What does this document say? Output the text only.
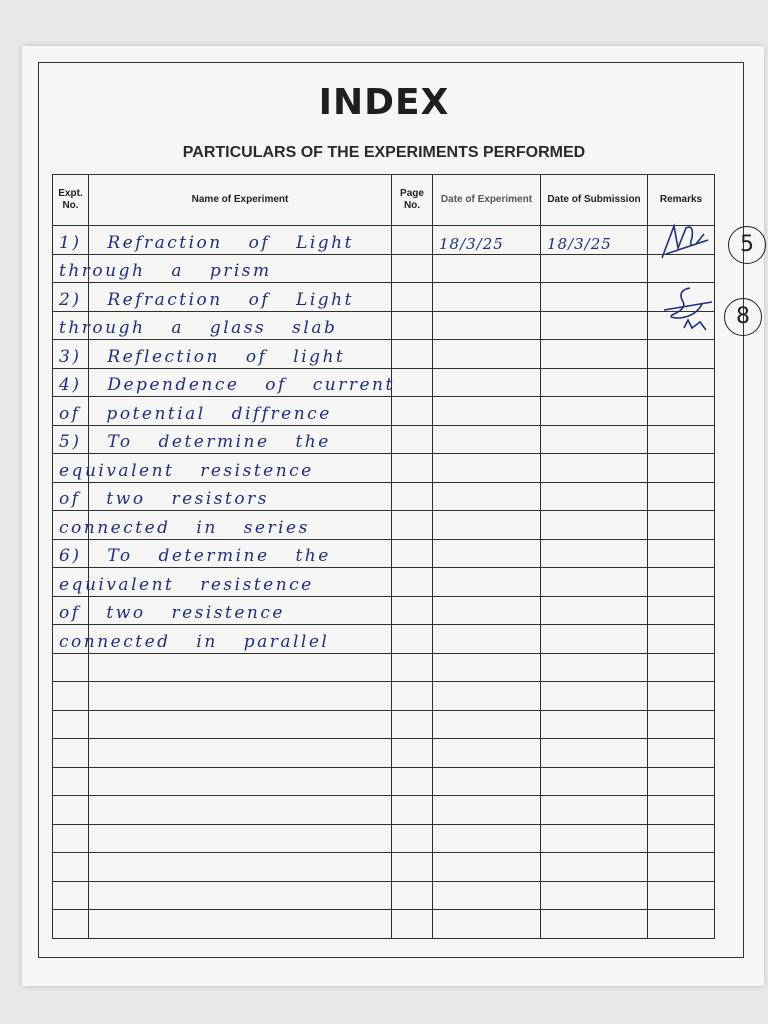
INDEX
PARTICULARS OF THE EXPERIMENTS PERFORMED
Expt. No.	Name of Experiment	Page No.	Date of Experiment	Date of Submission	Remarks

	1) Refraction of Light		18/3/25	18/3/25	

	through a prism				

	2) Refraction of Light				

	through a glass slab				

	3) Reflection of light				

	4) Dependence of current				

	of potential diffrence				

	5) To determine the				

	equivalent resistence				

	of two resistors				

	connected in series				

	6) To determine the				

	equivalent resistence				

	of two resistence				

	connected in parallel				

5
8
